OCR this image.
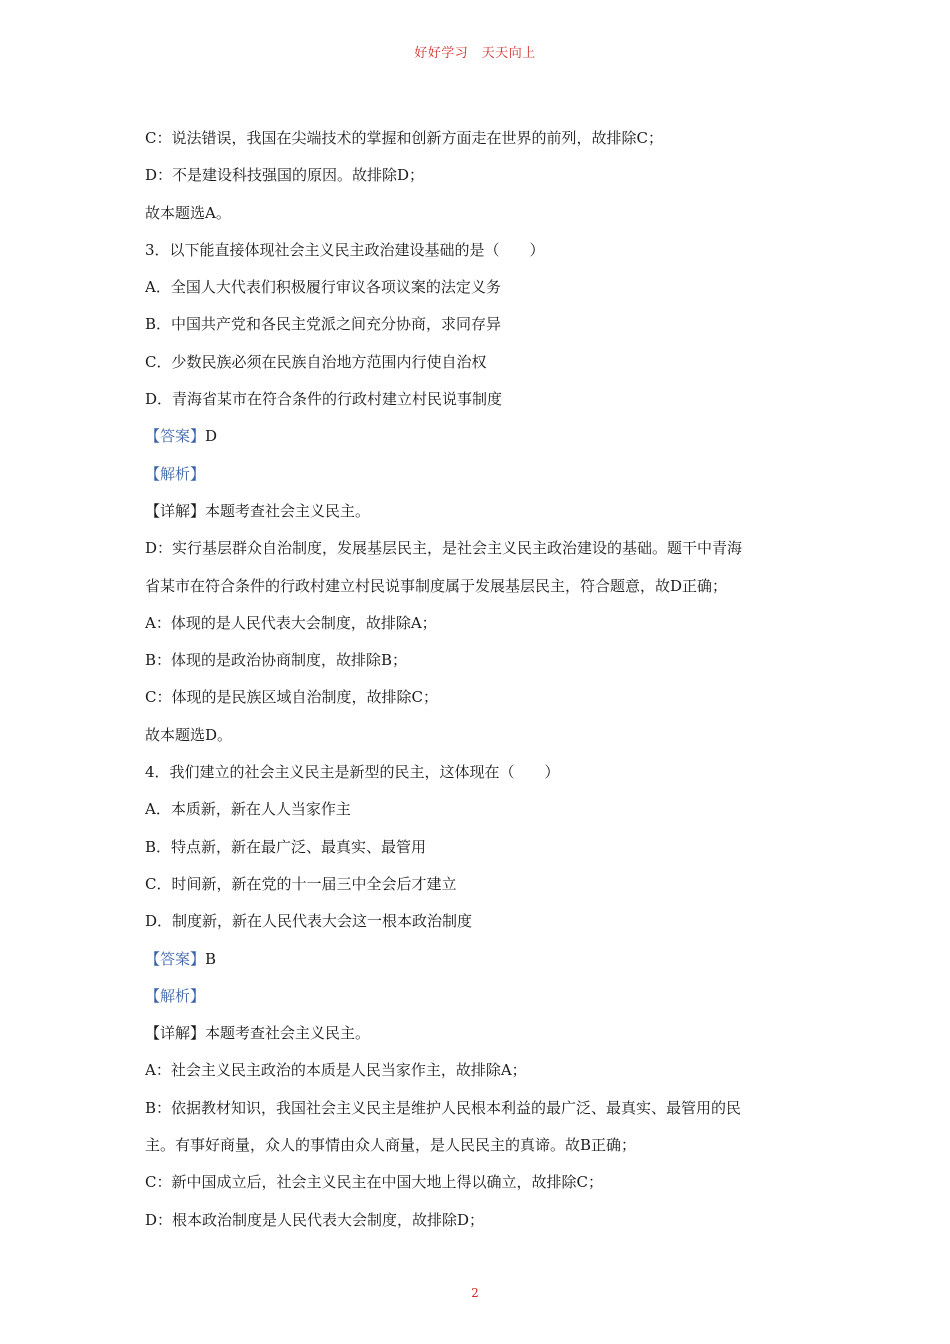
好好学习　天天向上
C：说法错误，我国在尖端技术的掌握和创新方面走在世界的前列，故排除C；
D：不是建设科技强国的原因。故排除D；
故本题选A。
3．以下能直接体现社会主义民主政治建设基础的是（　　）
A．全国人大代表们积极履行审议各项议案的法定义务
B．中国共产党和各民主党派之间充分协商，求同存异
C．少数民族必须在民族自治地方范围内行使自治权
D．青海省某市在符合条件的行政村建立村民说事制度
【答案】D
【解析】
【详解】本题考查社会主义民主。
D：实行基层群众自治制度，发展基层民主，是社会主义民主政治建设的基础。题干中青海
省某市在符合条件的行政村建立村民说事制度属于发展基层民主，符合题意，故D正确；
A：体现的是人民代表大会制度，故排除A；
B：体现的是政治协商制度，故排除B；
C：体现的是民族区域自治制度，故排除C；
故本题选D。
4．我们建立的社会主义民主是新型的民主，这体现在（　　）
A．本质新，新在人人当家作主
B．特点新，新在最广泛、最真实、最管用
C．时间新，新在党的十一届三中全会后才建立
D．制度新，新在人民代表大会这一根本政治制度
【答案】B
【解析】
【详解】本题考查社会主义民主。
A：社会主义民主政治的本质是人民当家作主，故排除A；
B：依据教材知识，我国社会主义民主是维护人民根本利益的最广泛、最真实、最管用的民
主。有事好商量，众人的事情由众人商量，是人民民主的真谛。故B正确；
C：新中国成立后，社会主义民主在中国大地上得以确立，故排除C；
D：根本政治制度是人民代表大会制度，故排除D；
2
